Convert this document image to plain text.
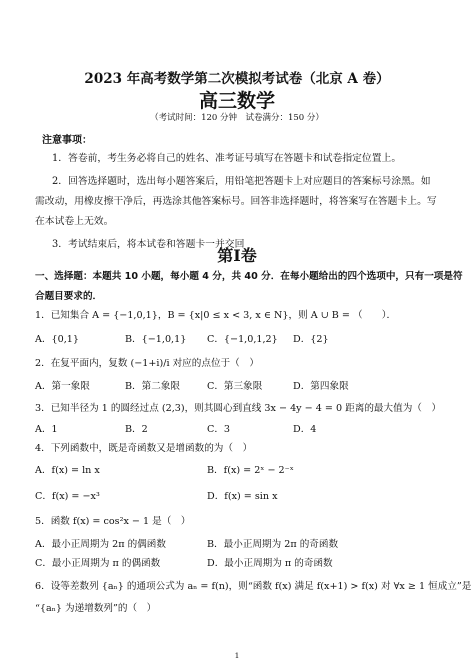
2023 年高考数学第二次模拟考试卷（北京 A 卷）
高三数学
（考试时间：120 分钟　试卷满分：150 分）
注意事项：
1．答卷前，考生务必将自己的姓名、准考证号填写在答题卡和试卷指定位置上。
2．回答选择题时，选出每小题答案后，用铅笔把答题卡上对应题目的答案标号涂黑。如
需改动，用橡皮擦干净后，再选涂其他答案标号。回答非选择题时，将答案写在答题卡上。写
在本试卷上无效。
3．考试结束后，将本试卷和答题卡一并交回
第Ⅰ卷
一、选择题：本题共 10 小题，每小题 4 分，共 40 分．在每小题给出的四个选项中，只有一项是符
合题目要求的．
1．已知集合 A = {−1,0,1}，B = {x|0 ≤ x < 3, x ∈ N}，则 A ∪ B = （　　）．
A．{0,1}	B．{−1,0,1} C．{−1,0,1,2} D．{2}
2．在复平面内，复数 (−1+i)/i 对应的点位于（　）
A．第一象限	B．第二象限	C．第三象限	D．第四象限
3．已知半径为 1 的圆经过点 (2,3)，则其圆心到直线 3x − 4y − 4 = 0 距离的最大值为（　）
A．1	B．2	C．3	D．4
4．下列函数中，既是奇函数又是增函数的为（　）
A．f(x) = ln x	B．f(x) = 2ˣ − 2⁻ˣ
C．f(x) = −x³	D．f(x) = sin x
5．函数 f(x) = cos²x − 1 是（　）
A．最小正周期为 2π 的偶函数	B．最小正周期为 2π 的奇函数
C．最小正周期为 π 的偶函数	D．最小正周期为 π 的奇函数
6．设等差数列 {aₙ} 的通项公式为 aₙ = f(n)，则“函数 f(x) 满足 f(x+1) > f(x) 对 ∀x ≥ 1 恒成立”是
“{aₙ} 为递增数列”的（　）
1
